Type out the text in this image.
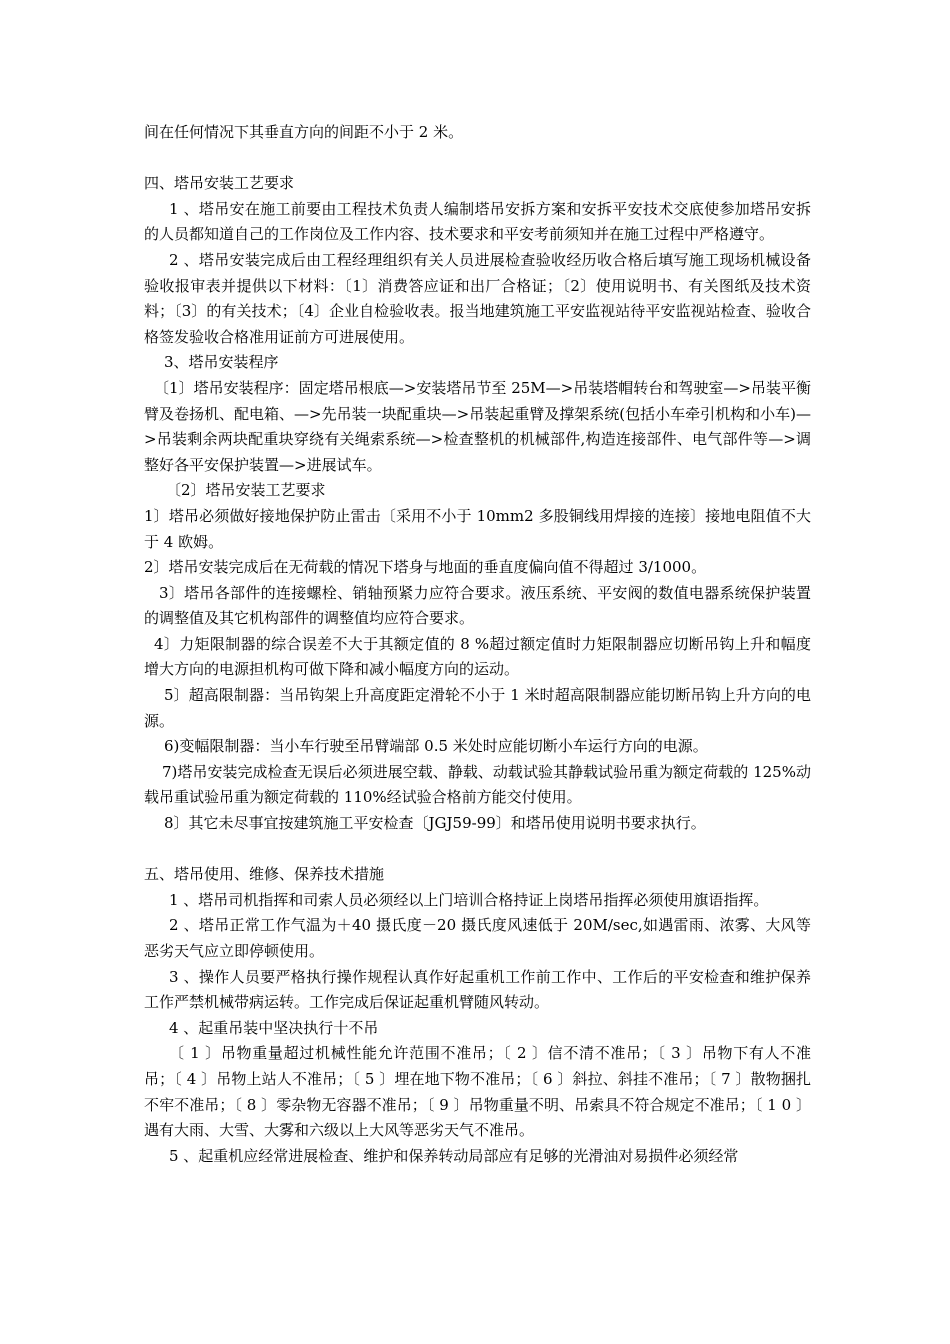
间在任何情况下其垂直方向的间距不小于 2 米。

四、塔吊安装工艺要求

1 、塔吊安在施工前要由工程技术负责人编制塔吊安拆方案和安拆平安技术交底使参加塔吊安拆的人员都知道自己的工作岗位及工作内容、技术要求和平安考前须知并在施工过程中严格遵守。

2 、塔吊安装完成后由工程经理组织有关人员进展检查验收经历收合格后填写施工现场机械设备验收报审表并提供以下材料：〔1〕消费答应证和出厂合格证；〔2〕使用说明书、有关图纸及技术资料；〔3〕的有关技术；〔4〕企业自检验收表。报当地建筑施工平安监视站待平安监视站检查、验收合格签发验收合格准用证前方可进展使用。

3、塔吊安装程序

〔1〕塔吊安装程序：固定塔吊根底—>安装塔吊节至 25M—>吊装塔帽转台和驾驶室—>吊装平衡臂及卷扬机、配电箱、—>先吊装一块配重块—>吊装起重臂及撑架系统(包括小车牵引机构和小车)—>吊装剩余两块配重块穿绕有关绳索系统—>检查整机的机械部件,构造连接部件、电气部件等—>调整好各平安保护装置—>进展试车。

〔2〕塔吊安装工艺要求

1〕塔吊必须做好接地保护防止雷击〔采用不小于 10mm2 多股铜线用焊接的连接〕接地电阻值不大于 4 欧姆。

2〕塔吊安装完成后在无荷载的情况下塔身与地面的垂直度偏向值不得超过 3/1000。

3〕塔吊各部件的连接螺栓、销轴预紧力应符合要求。液压系统、平安阀的数值电器系统保护装置的调整值及其它机构部件的调整值均应符合要求。

4〕力矩限制器的综合误差不大于其额定值的 8 %超过额定值时力矩限制器应切断吊钩上升和幅度增大方向的电源担机构可做下降和减小幅度方向的运动。

5〕超高限制器：当吊钩架上升高度距定滑轮不小于 1 米时超高限制器应能切断吊钩上升方向的电源。

6)变幅限制器：当小车行驶至吊臂端部 0.5 米处时应能切断小车运行方向的电源。

7)塔吊安装完成检查无误后必须进展空载、静载、动载试验其静载试验吊重为额定荷载的 125%动载吊重试验吊重为额定荷载的 110%经试验合格前方能交付使用。

8〕其它未尽事宜按建筑施工平安检查〔JGJ59-99〕和塔吊使用说明书要求执行。

五、塔吊使用、维修、保养技术措施

1 、塔吊司机指挥和司索人员必须经以上门培训合格持证上岗塔吊指挥必须使用旗语指挥。

2 、塔吊正常工作气温为＋40 摄氏度－20 摄氏度风速低于 20M/sec,如遇雷雨、浓雾、大风等恶劣天气应立即停顿使用。

3 、操作人员要严格执行操作规程认真作好起重机工作前工作中、工作后的平安检查和维护保养工作严禁机械带病运转。工作完成后保证起重机臂随风转动。

4 、起重吊装中坚决执行十不吊

〔 1 〕吊物重量超过机械性能允许范围不准吊；〔 2 〕信不清不准吊；〔 3 〕吊物下有人不准吊；〔 4 〕吊物上站人不准吊；〔 5 〕埋在地下物不准吊；〔 6 〕斜拉、斜挂不准吊；〔 7 〕散物捆扎不牢不准吊；〔 8 〕零杂物无容器不准吊；〔 9 〕吊物重量不明、吊索具不符合规定不准吊；〔 1 0 〕遇有大雨、大雪、大雾和六级以上大风等恶劣天气不准吊。

5 、起重机应经常进展检查、维护和保养转动局部应有足够的光滑油对易损件必须经常
